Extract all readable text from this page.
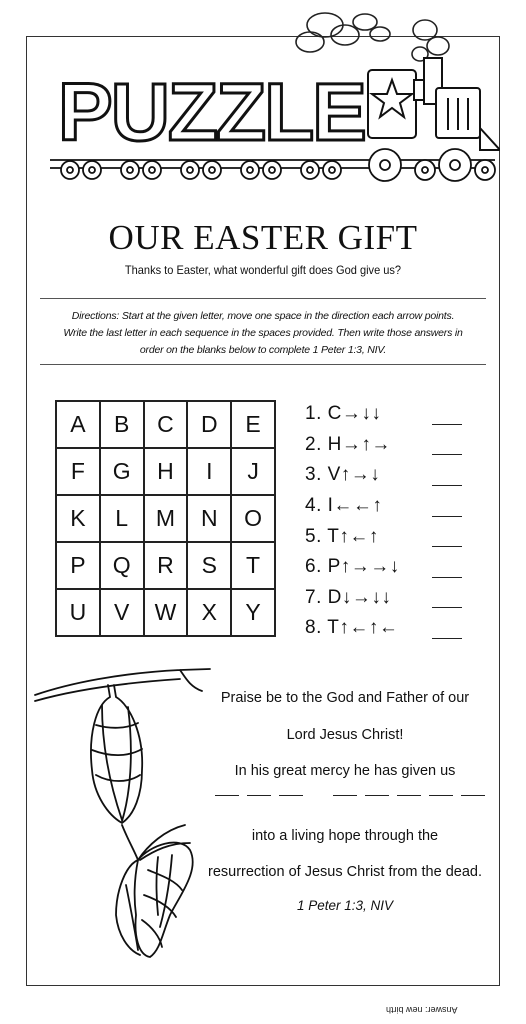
PUZZLE
OUR EASTER GIFT
Thanks to Easter, what wonderful gift does God give us?
Directions: Start at the given letter, move one space in the direction each arrow points.
Write the last letter in each sequence in the spaces provided. Then write those answers in
order on the blanks below to complete 1 Peter 1:3, NIV.
A	B	C	D	E
F	G	H	I	J
K	L	M	N	O
P	Q	R	S	T
U	V	W	X	Y
1. C→↓↓
2. H→↑→
3. V↑→↓
4. I←←↑
5. T↑←↑
6. P↑→→↓
7. D↓→↓↓
8. T↑←↑←
Praise be to the God and Father of our
Lord Jesus Christ!
In his great mercy he has given us
into a living hope through the
resurrection of Jesus Christ from the dead.
1 Peter 1:3, NIV
Answer: new birth
